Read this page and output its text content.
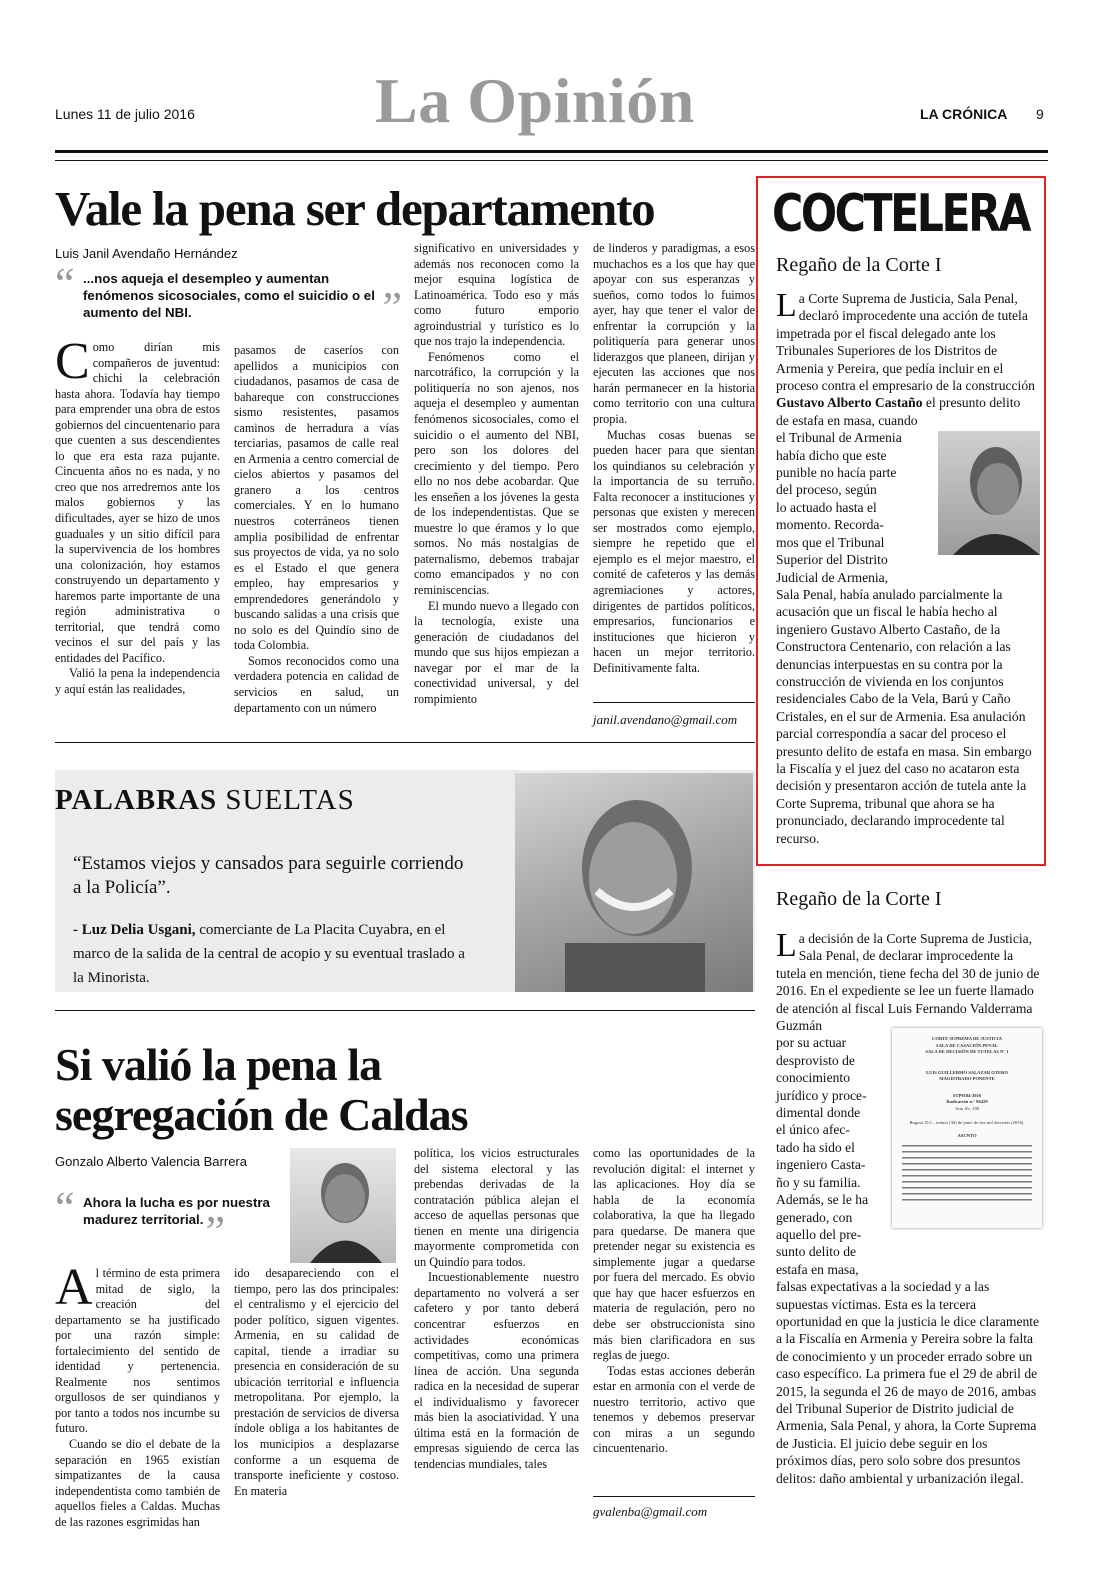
Lunes 11 de julio 2016	La Opinión	LA CRÓNICA 9
Vale la pena ser departamento
Luis Janil Avendaño Hernández
“ ...nos aqueja el desempleo y aumentan fenómenos sicosociales, como el suicidio o el aumento del NBI.	”

Como dirían mis compañeros de juventud: chichi la celebración hasta ahora. Todavía hay tiempo para emprender una obra de estos gobiernos del cincuentenario para que cuenten a sus descendientes lo que era esta raza pujante. Cincuenta años no es nada, y no creo que nos arredremos ante los malos gobiernos y las dificultades, ayer se hizo de unos guaduales y un sitio difícil para la supervivencia de los hombres una colonización, hoy estamos construyendo un departamento y haremos parte importante de una región administrativa o territorial, que tendrá como vecinos el sur del país y las entidades del Pacífico.

Valió la pena la independencia y aquí están las realidades,

pasamos de caseríos con apellidos a municipios con ciudadanos, pasamos de casa de bahareque con construcciones sismo resistentes, pasamos caminos de herradura a vías terciarias, pasamos de calle real en Armenia a centro comercial de cielos abiertos y pasamos del granero a los centros comerciales. Y en lo humano nuestros coterráneos tienen amplia posibilidad de enfrentar sus proyectos de vida, ya no solo es el Estado el que genera empleo, hay empresarios y emprendedores generándolo y buscando salidas a una crisis que no solo es del Quindío sino de toda Colombia.

Somos reconocidos como una verdadera potencia en calidad de servicios en salud, un departamento con un número

significativo en universidades y además nos reconocen como la mejor esquina logística de Latinoamérica. Todo eso y más como futuro emporio agroindustrial y turístico es lo que nos trajo la independencia.

Fenómenos como el narcotráfico, la corrupción y la politiquería no son ajenos, nos aqueja el desempleo y aumentan fenómenos sicosociales, como el suicidio o el aumento del NBI, pero son los dolores del crecimiento y del tiempo. Pero ello no nos debe acobardar. Que les enseñen a los jóvenes la gesta de los independentistas. Que se muestre lo que éramos y lo que somos. No más nostalgias de paternalismo, debemos trabajar como emancipados y no con reminiscencias.

El mundo nuevo a llegado con la tecnología, existe una generación de ciudadanos del mundo que sus hijos empiezan a navegar por el mar de la conectividad universal, y del rompimiento

de linderos y paradigmas, a esos muchachos es a los que hay que apoyar con sus esperanzas y sueños, como todos lo fuimos ayer, hay que tener el valor de enfrentar la corrupción y la politiquería para generar unos liderazgos que planeen, dirijan y ejecuten las acciones que nos harán permanecer en la historia como territorio con una cultura propia.

Muchas cosas buenas se pueden hacer para que sientan los quindianos su celebración y la importancia de su terruño. Falta reconocer a instituciones y personas que existen y merecen ser mostrados como ejemplo, siempre he repetido que el ejemplo es el mejor maestro, el comité de cafeteros y las demás agremiaciones y actores, dirigentes de partidos políticos, empresarios, funcionarios e instituciones que hicieron y hacen un mejor territorio. Definitivamente falta.

janil.avendano@gmail.com
PALABRAS SUELTAS
“Estamos viejos y cansados para seguirle corriendo a la Policía”.
- Luz Delia Usgani, comerciante de La Placita Cuyabra, en el marco de la salida de la central de acopio y su eventual traslado a la Minorista.
Si valió la pena la
segregación de Caldas
Gonzalo Alberto Valencia Barrera
“ Ahora la lucha es por nuestra madurez territorial. ”

Al término de esta primera mitad de siglo, la creación del departamento se ha justificado por una razón simple: fortalecimiento del sentido de identidad y pertenencia. Realmente nos sentimos orgullosos de ser quindianos y por tanto a todos nos incumbe su futuro.

Cuando se dio el debate de la separación en 1965 existían simpatizantes de la causa independentista como también de aquellos fieles a Caldas. Muchas de las razones esgrimidas han

ido desapareciendo con el tiempo, pero las dos principales: el centralismo y el ejercicio del poder político, siguen vigentes. Armenia, en su calidad de capital, tiende a irradiar su presencia en consideración de su ubicación territorial e influencia metropolitana. Por ejemplo, la prestación de servicios de diversa índole obliga a los habitantes de los municipios a desplazarse conforme a un esquema de transporte ineficiente y costoso. En materia

política, los vicios estructurales del sistema electoral y las prebendas derivadas de la contratación pública alejan el acceso de aquellas personas que tienen en mente una dirigencia mayormente comprometida con un Quindío para todos.

Incuestionablemente nuestro departamento no volverá a ser cafetero y por tanto deberá concentrar esfuerzos en actividades económicas competitivas, como una primera línea de acción. Una segunda radica en la necesidad de superar el individualismo y favorecer más bien la asociatividad. Y una última está en la formación de empresas siguiendo de cerca las tendencias mundiales, tales

como las oportunidades de la revolución digital: el internet y las aplicaciones. Hoy día se habla de la economía colaborativa, la que ha llegado para quedarse. De manera que pretender negar su existencia es simplemente jugar a quedarse por fuera del mercado. Es obvio que hay que hacer esfuerzos en materia de regulación, pero no debe ser obstruccionista sino más bien clarificadora en sus reglas de juego.

Todas estas acciones deberán estar en armonía con el verde de nuestro territorio, activo que tenemos y debemos preservar con miras a un segundo cincuentenario.

gvalenba@gmail.com
COCTELERA
Regaño de la Corte I

La Corte Suprema de Justicia, Sala Penal, declaró improcedente una acción de tutela impetrada por el fiscal delegado ante los Tribunales Superiores de los Distritos de Armenia y Pereira, que pedía incluir en el proceso contra el empresario de la construcción Gustavo Alberto Castaño el presunto delito de estafa en masa, cuando

el Tribunal de Armenia
había dicho que este
punible no hacía parte
del proceso, según
lo actuado hasta el
momento. Recorda-
mos que el Tribunal
Superior del Distrito
Judicial de Armenia,

Sala Penal, había anulado parcialmente la acusación que un fiscal le había hecho al ingeniero Gustavo Alberto Castaño, de la Constructora Centenario, con relación a las denuncias interpuestas en su contra por la construcción de vivienda en los conjuntos residenciales Cabo de la Vela, Barú y Caño Cristales, en el sur de Armenia. Esa anulación parcial correspondía a sacar del proceso el presunto delito de estafa en masa. Sin embargo la Fiscalía y el juez del caso no acataron esta decisión y presentaron acción de tutela ante la Corte Suprema, tribunal que ahora se ha pronunciado, declarando improcedente tal recurso.

Regaño de la Corte I

La decisión de la Corte Suprema de Justicia, Sala Penal, de declarar improcedente la tutela en mención, tiene fecha del 30 de junio de 2016. En el expediente se lee un fuerte llamado de atención al fiscal Luis Fernando Valderrama Guzmán

por su actuar
desprovisto de
conocimiento
jurídico y proce-
dimental donde
el único afec-
tado ha sido el
ingeniero Casta-
ño y su familia.
Además, se le ha
generado, con
aquello del pre-
sunto delito de
estafa en masa,
CORTE SUPREMA DE JUSTICIA
SALA DE CASACIÓN PENAL
SALA DE DECISIÓN DE TUTELAS N° 1
LUIS GUILLERMO SALAZAR OTERO
MAGISTRADO PONENTE
STP9184-2016
Radicación n.° 86429
Acta No. 196
Bogotá, D.C., treinta (30) de junio de dos mil dieciséis (2016).
ASUNTO

falsas expectativas a la sociedad y a las supuestas víctimas. Esta es la tercera oportunidad en que la justicia le dice claramente a la Fiscalía en Armenia y Pereira sobre la falta de conocimiento y un proceder errado sobre un caso específico. La primera fue el 29 de abril de 2015, la segunda el 26 de mayo de 2016, ambas del Tribunal Superior de Distrito judicial de Armenia, Sala Penal, y ahora, la Corte Suprema de Justicia. El juicio debe seguir en los próximos días, pero solo sobre dos presuntos delitos: daño ambiental y urbanización ilegal.
